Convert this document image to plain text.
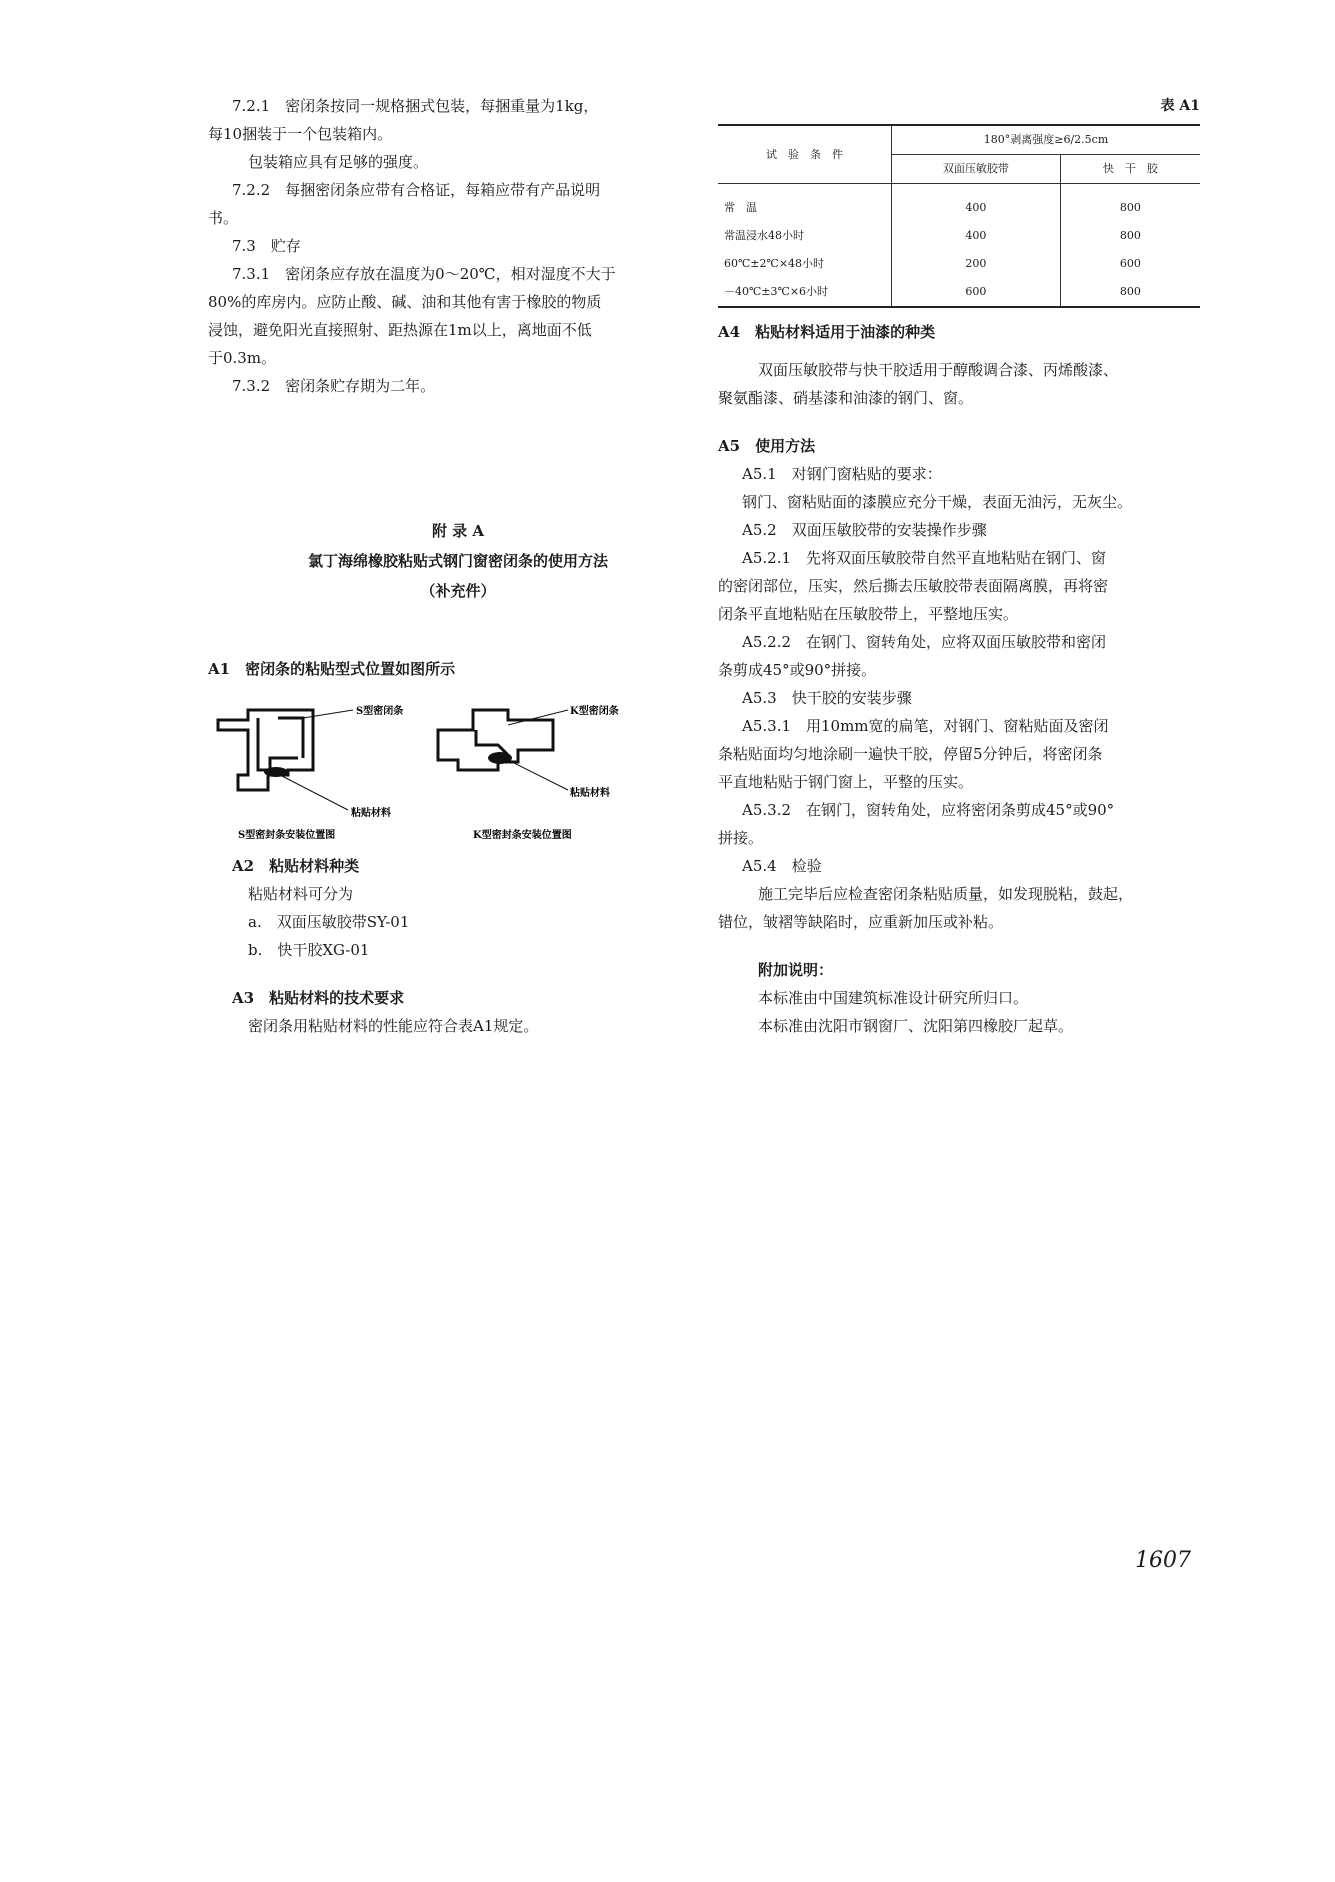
7.2.1　密闭条按同一规格捆式包装，每捆重量为1kg，

每10捆装于一个包装箱内。

包装箱应具有足够的强度。

7.2.2　每捆密闭条应带有合格证，每箱应带有产品说明

书。

7.3　贮存

7.3.1　密闭条应存放在温度为0～20℃，相对湿度不大于

80%的库房内。应防止酸、碱、油和其他有害于橡胶的物质

浸蚀，避免阳光直接照射、距热源在1m以上，离地面不低

于0.3m。

7.3.2　密闭条贮存期为二年。

附 录 A
氯丁海绵橡胶粘贴式钢门窗密闭条的使用方法
（补充件）

A1　密闭条的粘贴型式位置如图所示

S型密闭条
粘贴材料
S型密封条安装位置图
K型密闭条
粘贴材料
K型密封条安装位置图

A2　粘贴材料种类

粘贴材料可分为

a.　双面压敏胶带SY-01

b.　快干胶XG-01

A3　粘贴材料的技术要求

密闭条用粘贴材料的性能应符合表A1规定。

表 A1
试　验　条　件	180°剥离强度≥6/2.5cm	
	双面压敏胶带	快　干　胶
常　温	400	800
常温浸水48小时	400	800
60℃±2℃×48小时	200	600
－40℃±3℃×6小时	600	800

A4　粘贴材料适用于油漆的种类

双面压敏胶带与快干胶适用于醇酸调合漆、丙烯酸漆、

聚氨酯漆、硝基漆和油漆的钢门、窗。

A5　使用方法

A5.1　对钢门窗粘贴的要求：

钢门、窗粘贴面的漆膜应充分干燥，表面无油污，无灰尘。

A5.2　双面压敏胶带的安装操作步骤

A5.2.1　先将双面压敏胶带自然平直地粘贴在钢门、窗

的密闭部位，压实，然后撕去压敏胶带表面隔离膜，再将密

闭条平直地粘贴在压敏胶带上，平整地压实。

A5.2.2　在钢门、窗转角处，应将双面压敏胶带和密闭

条剪成45°或90°拼接。

A5.3　快干胶的安装步骤

A5.3.1　用10mm宽的扁笔，对钢门、窗粘贴面及密闭

条粘贴面均匀地涂刷一遍快干胶，停留5分钟后，将密闭条

平直地粘贴于钢门窗上，平整的压实。

A5.3.2　在钢门，窗转角处，应将密闭条剪成45°或90°

拼接。

A5.4　检验

施工完毕后应检查密闭条粘贴质量，如发现脱粘，鼓起，

错位，皱褶等缺陷时，应重新加压或补粘。

附加说明：

本标准由中国建筑标准设计研究所归口。

本标准由沈阳市钢窗厂、沈阳第四橡胶厂起草。

1607
